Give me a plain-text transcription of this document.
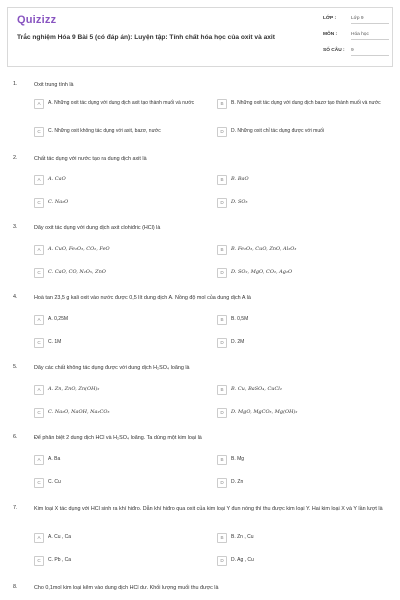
Quizizz
Trắc nghiệm Hóa 9 Bài 5 (có đáp án): Luyện tập: Tính chất hóa học của oxit và axit
LỚP :	Lớp 9
MÔN :	Hóa học
SỐ CÂU : 9
1.	Oxit trung tính là
A	A. Những oxit tác dụng với dung dịch axit tạo thành muối và nước	B	B. Những oxit tác dụng với dung dịch bazơ tạo thành muối và nước
C	C. Những oxit không tác dụng với axit, bazơ, nước	D	D. Những oxit chỉ tác dụng được với muối
2.	Chất tác dụng với nước tạo ra dung dịch axit là
A	A. CaO	B	B. BaO
C	C. Na₂O	D	D. SO₃
3.	Dãy oxit tác dụng với dung dịch axit clohiđric (HCl) là
A	A. CuO, Fe₂O₃, CO₂, FeO	B	B. Fe₂O₃, CuO, ZnO, Al₂O₃
C	C. CaO, CO, N₂O₅, ZnO	D	D. SO₂, MgO, CO₂, Ag₂O
4.	Hoà tan 23,5 g kali oxit vào nước được 0,5 lít dung dịch A. Nồng độ mol của dung dịch A là
A	A. 0,25M	B	B. 0,5M
C	C. 1M	D	D. 2M
5.	Dãy các chất không tác dụng được với dung dịch H₂SO₄ loãng là
A	A. Zn, ZnO, Zn(OH)₂	B	B. Cu, BaSO₄, CuCl₂
C	C. Na₂O, NaOH, Na₂CO₃	D	D. MgO, MgCO₃, Mg(OH)₂
6.	Để phân biệt 2 dung dịch HCl và H₂SO₄ loãng. Ta dùng một kim loại là
A	A. Ba	B	B. Mg
C	C. Cu	D	D. Zn
7.	Kim loại X tác dụng với HCl sinh ra khí hiđro. Dẫn khí hiđro qua oxit của kim loại Y đun nóng thì thu được kim loại Y. Hai kim loại X và Y lần lượt là
A	A. Cu , Ca	B	B. Zn , Cu
C	C. Pb , Ca	D	D. Ag , Cu
8.	Cho 0,1mol kim loại kẽm vào dung dịch HCl dư. Khối lượng muối thu được là
